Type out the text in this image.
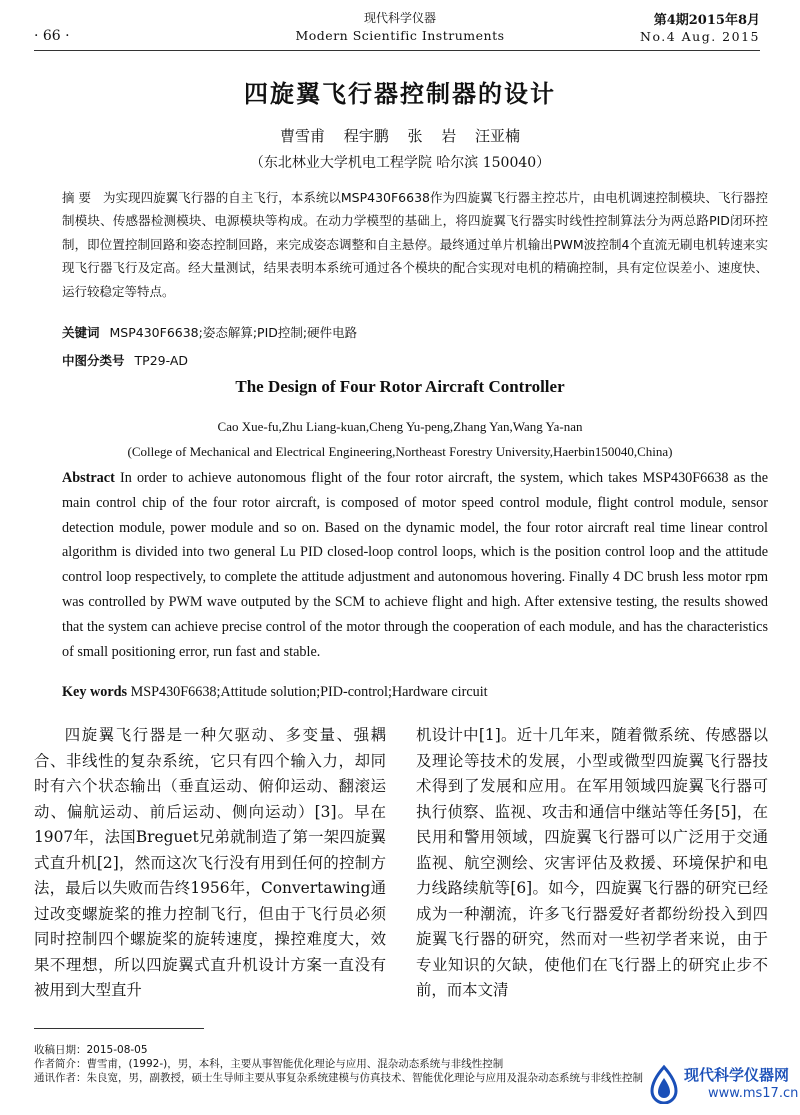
· 66 ·
现代科学仪器
Modern Scientific Instruments
第4期2015年8月
No.4 Aug. 2015
四旋翼飞行器控制器的设计
曹雪甫 程宇鹏 张 岩 汪亚楠
（东北林业大学机电工程学院 哈尔滨 150040）
摘 要 为实现四旋翼飞行器的自主飞行，本系统以MSP430F6638作为四旋翼飞行器主控芯片，由电机调速控制模块、飞行器控制模块、传感器检测模块、电源模块等构成。在动力学模型的基础上，将四旋翼飞行器实时线性控制算法分为两总路PID闭环控制，即位置控制回路和姿态控制回路，来完成姿态调整和自主悬停。最终通过单片机输出PWM波控制4个直流无刷电机转速来实现飞行器飞行及定高。经大量测试，结果表明本系统可通过各个模块的配合实现对电机的精确控制，具有定位误差小、速度快、运行较稳定等特点。
关键词 MSP430F6638;姿态解算;PID控制;硬件电路
中图分类号 TP29-AD
The Design of Four Rotor Aircraft Controller
Cao Xue-fu,Zhu Liang-kuan,Cheng Yu-peng,Zhang Yan,Wang Ya-nan
(College of Mechanical and Electrical Engineering,Northeast Forestry University,Haerbin150040,China)
Abstract In order to achieve autonomous flight of the four rotor aircraft, the system, which takes MSP430F6638 as the main control chip of the four rotor aircraft, is composed of motor speed control module, flight control module, sensor detection module, power module and so on. Based on the dynamic model, the four rotor aircraft real time linear control algorithm is divided into two general Lu PID closed-loop control loops, which is the position control loop and the attitude control loop respectively, to complete the attitude adjustment and autonomous hovering. Finally 4 DC brush less motor rpm was controlled by PWM wave outputed by the SCM to achieve flight and high. After extensive testing, the results showed that the system can achieve precise control of the motor through the cooperation of each module, and has the characteristics of small positioning error, run fast and stable.
Key words MSP430F6638;Attitude solution;PID-control;Hardware circuit
四旋翼飞行器是一种欠驱动、多变量、强耦合、非线性的复杂系统，它只有四个输入力，却同时有六个状态输出（垂直运动、俯仰运动、翻滚运动、偏航运动、前后运动、侧向运动）[3]。早在1907年，法国Breguet兄弟就制造了第一架四旋翼式直升机[2]，然而这次飞行没有用到任何的控制方法，最后以失败而告终1956年，Convertawing通过改变螺旋桨的推力控制飞行，但由于飞行员必须同时控制四个螺旋桨的旋转速度，操控难度大，效果不理想，所以四旋翼式直升机设计方案一直没有被用到大型直升
机设计中[1]。近十几年来，随着微系统、传感器以及理论等技术的发展，小型或微型四旋翼飞行器技术得到了发展和应用。在军用领域四旋翼飞行器可执行侦察、监视、攻击和通信中继站等任务[5]，在民用和警用领域，四旋翼飞行器可以广泛用于交通监视、航空测绘、灾害评估及救援、环境保护和电力线路续航等[6]。如今，四旋翼飞行器的研究已经成为一种潮流，许多飞行器爱好者都纷纷投入到四旋翼飞行器的研究，然而对一些初学者来说，由于专业知识的欠缺，使他们在飞行器上的研究止步不前，而本文清
收稿日期：2015-08-05
作者简介：曹雪甫，(1992-)，男，本科，主要从事智能优化理论与应用、混杂动态系统与非线性控制
通讯作者：朱良宽，男，副教授，硕士生导师主要从事复杂系统建模与仿真技术、智能优化理论与应用及混杂动态系统与非线性控制	现代科学仪器网
www.ms17.cn
